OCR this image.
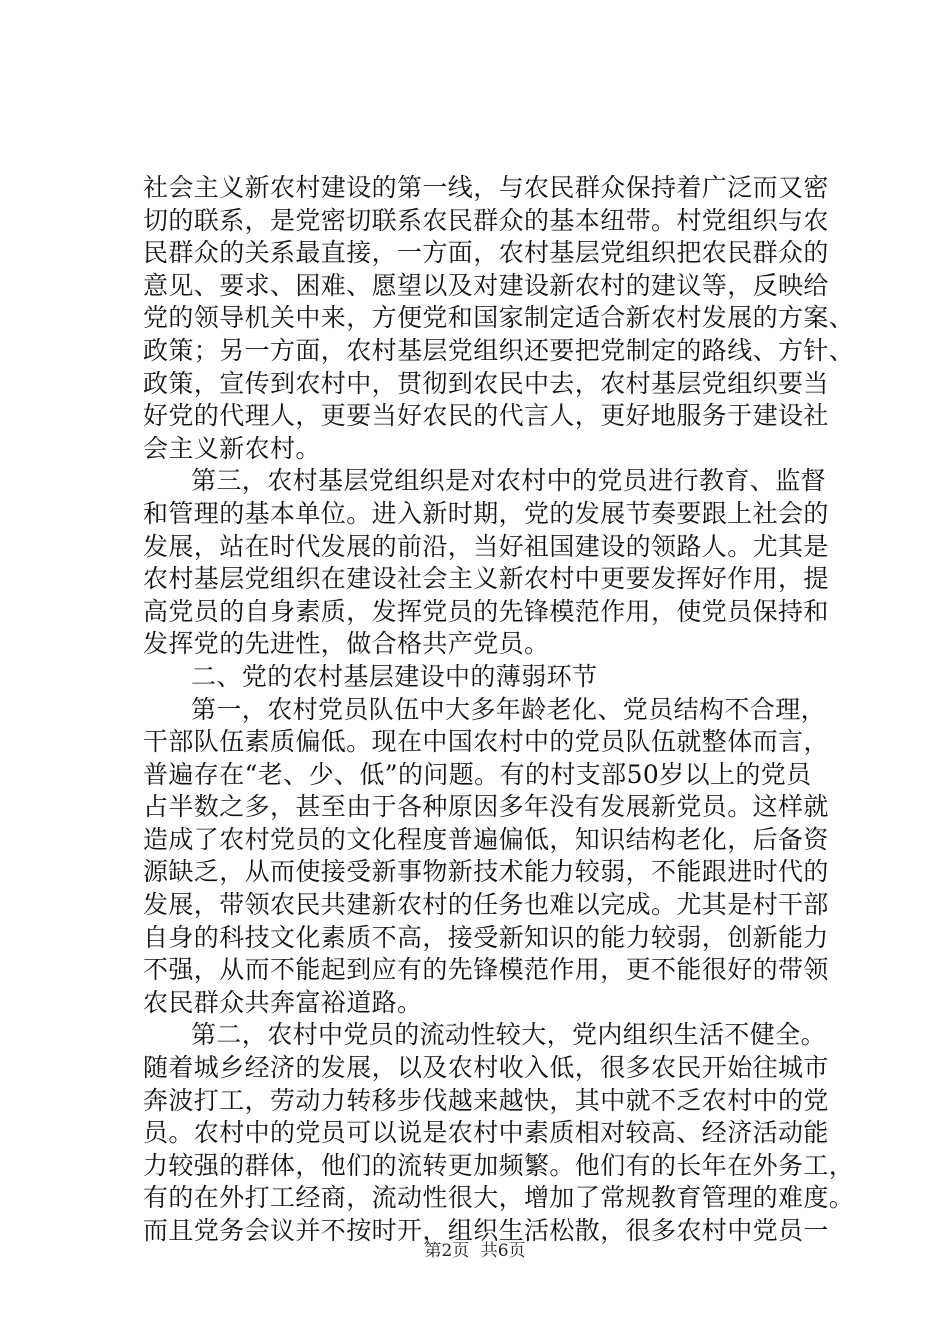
社会主义新农村建设的第一线，与农民群众保持着广泛而又密
切的联系，是党密切联系农民群众的基本纽带。村党组织与农
民群众的关系最直接，一方面，农村基层党组织把农民群众的
意见、要求、困难、愿望以及对建设新农村的建议等，反映给
党的领导机关中来，方便党和国家制定适合新农村发展的方案、
政策；另一方面，农村基层党组织还要把党制定的路线、方针、
政策，宣传到农村中，贯彻到农民中去，农村基层党组织要当
好党的代理人，更要当好农民的代言人，更好地服务于建设社
会主义新农村。
第三，农村基层党组织是对农村中的党员进行教育、监督
和管理的基本单位。进入新时期，党的发展节奏要跟上社会的
发展，站在时代发展的前沿，当好祖国建设的领路人。尤其是
农村基层党组织在建设社会主义新农村中更要发挥好作用，提
高党员的自身素质，发挥党员的先锋模范作用，使党员保持和
发挥党的先进性，做合格共产党员。
二、党的农村基层建设中的薄弱环节
第一，农村党员队伍中大多年龄老化、党员结构不合理，
干部队伍素质偏低。现在中国农村中的党员队伍就整体而言，
普遍存在“老、少、低”的问题。有的村支部50岁以上的党员
占半数之多，甚至由于各种原因多年没有发展新党员。这样就
造成了农村党员的文化程度普遍偏低，知识结构老化，后备资
源缺乏，从而使接受新事物新技术能力较弱，不能跟进时代的
发展，带领农民共建新农村的任务也难以完成。尤其是村干部
自身的科技文化素质不高，接受新知识的能力较弱，创新能力
不强，从而不能起到应有的先锋模范作用，更不能很好的带领
农民群众共奔富裕道路。
第二，农村中党员的流动性较大，党内组织生活不健全。
随着城乡经济的发展，以及农村收入低，很多农民开始往城市
奔波打工，劳动力转移步伐越来越快，其中就不乏农村中的党
员。农村中的党员可以说是农村中素质相对较高、经济活动能
力较强的群体，他们的流转更加频繁。他们有的长年在外务工，
有的在外打工经商，流动性很大，增加了常规教育管理的难度。
而且党务会议并不按时开，组织生活松散，很多农村中党员一
第2页 共6页
